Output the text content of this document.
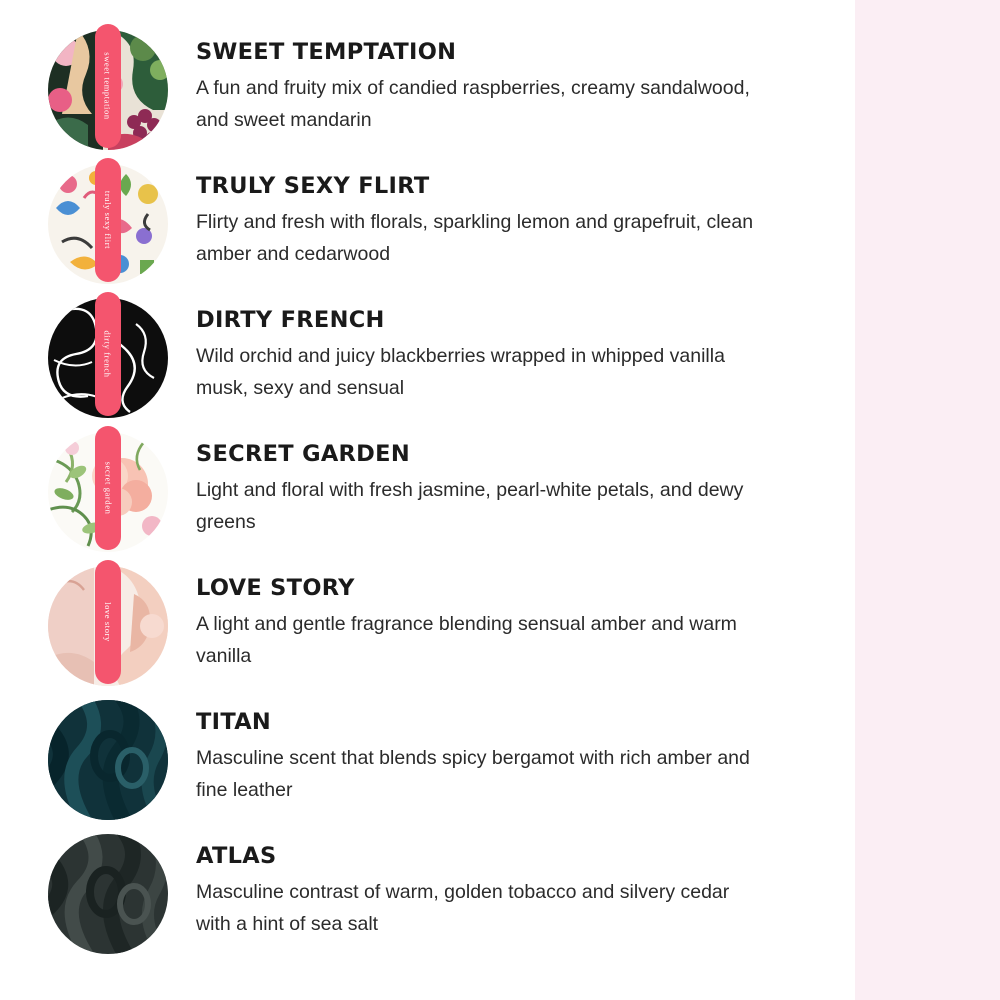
sweet temptation
SWEET TEMPTATION
A fun and fruity mix of candied raspberries, creamy sandalwood, and sweet mandarin
truly sexy flirt
TRULY SEXY FLIRT
Flirty and fresh with florals, sparkling lemon and grapefruit, clean amber and cedarwood
dirty french
DIRTY FRENCH
Wild orchid and juicy blackberries wrapped in whipped vanilla musk, sexy and sensual
secret garden
SECRET GARDEN
Light and floral with fresh jasmine, pearl-white petals, and dewy greens
love story
LOVE STORY
A light and gentle fragrance blending sensual amber and warm vanilla
TITAN
Masculine scent that blends spicy bergamot with rich amber and fine leather
ATLAS
Masculine contrast of warm, golden tobacco and silvery cedar with a hint of sea salt
